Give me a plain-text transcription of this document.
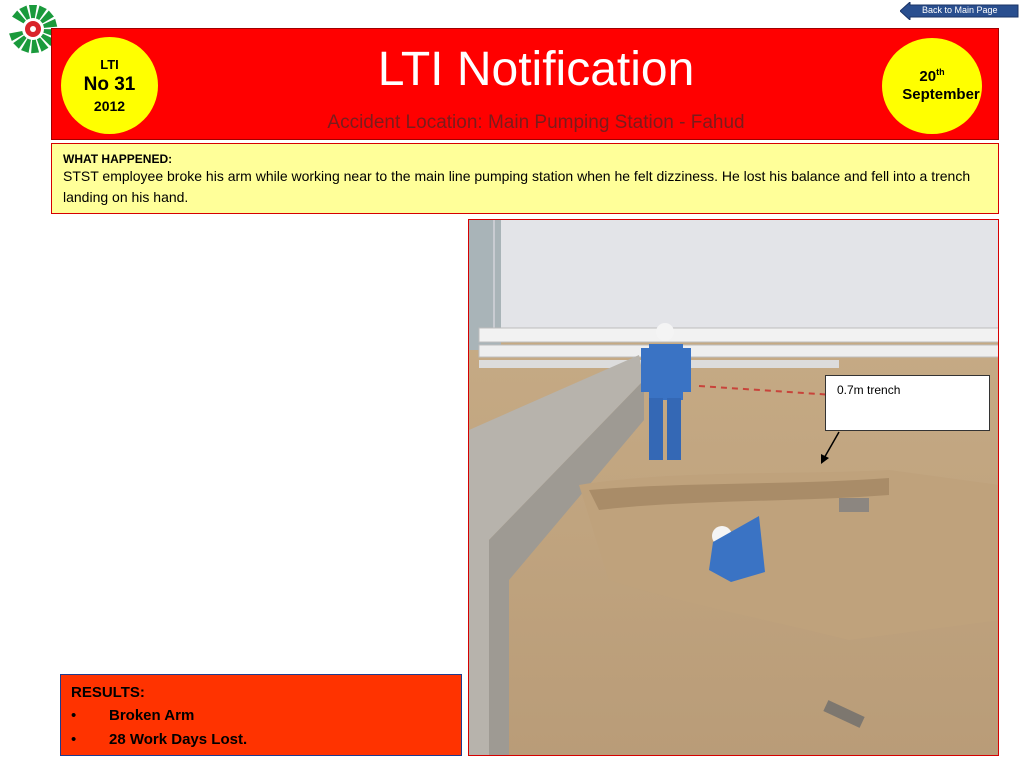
Back to Main Page
LTI
No 31
2012
LTI Notification
Accident Location: Main Pumping Station - Fahud
20th
September
WHAT HAPPENED:
STST employee broke his arm while working near to the main line pumping station when he felt dizziness. He lost his balance and fell into a trench landing on his hand.
0.7m trench
RESULTS:
• Broken Arm
• 28 Work Days Lost.
